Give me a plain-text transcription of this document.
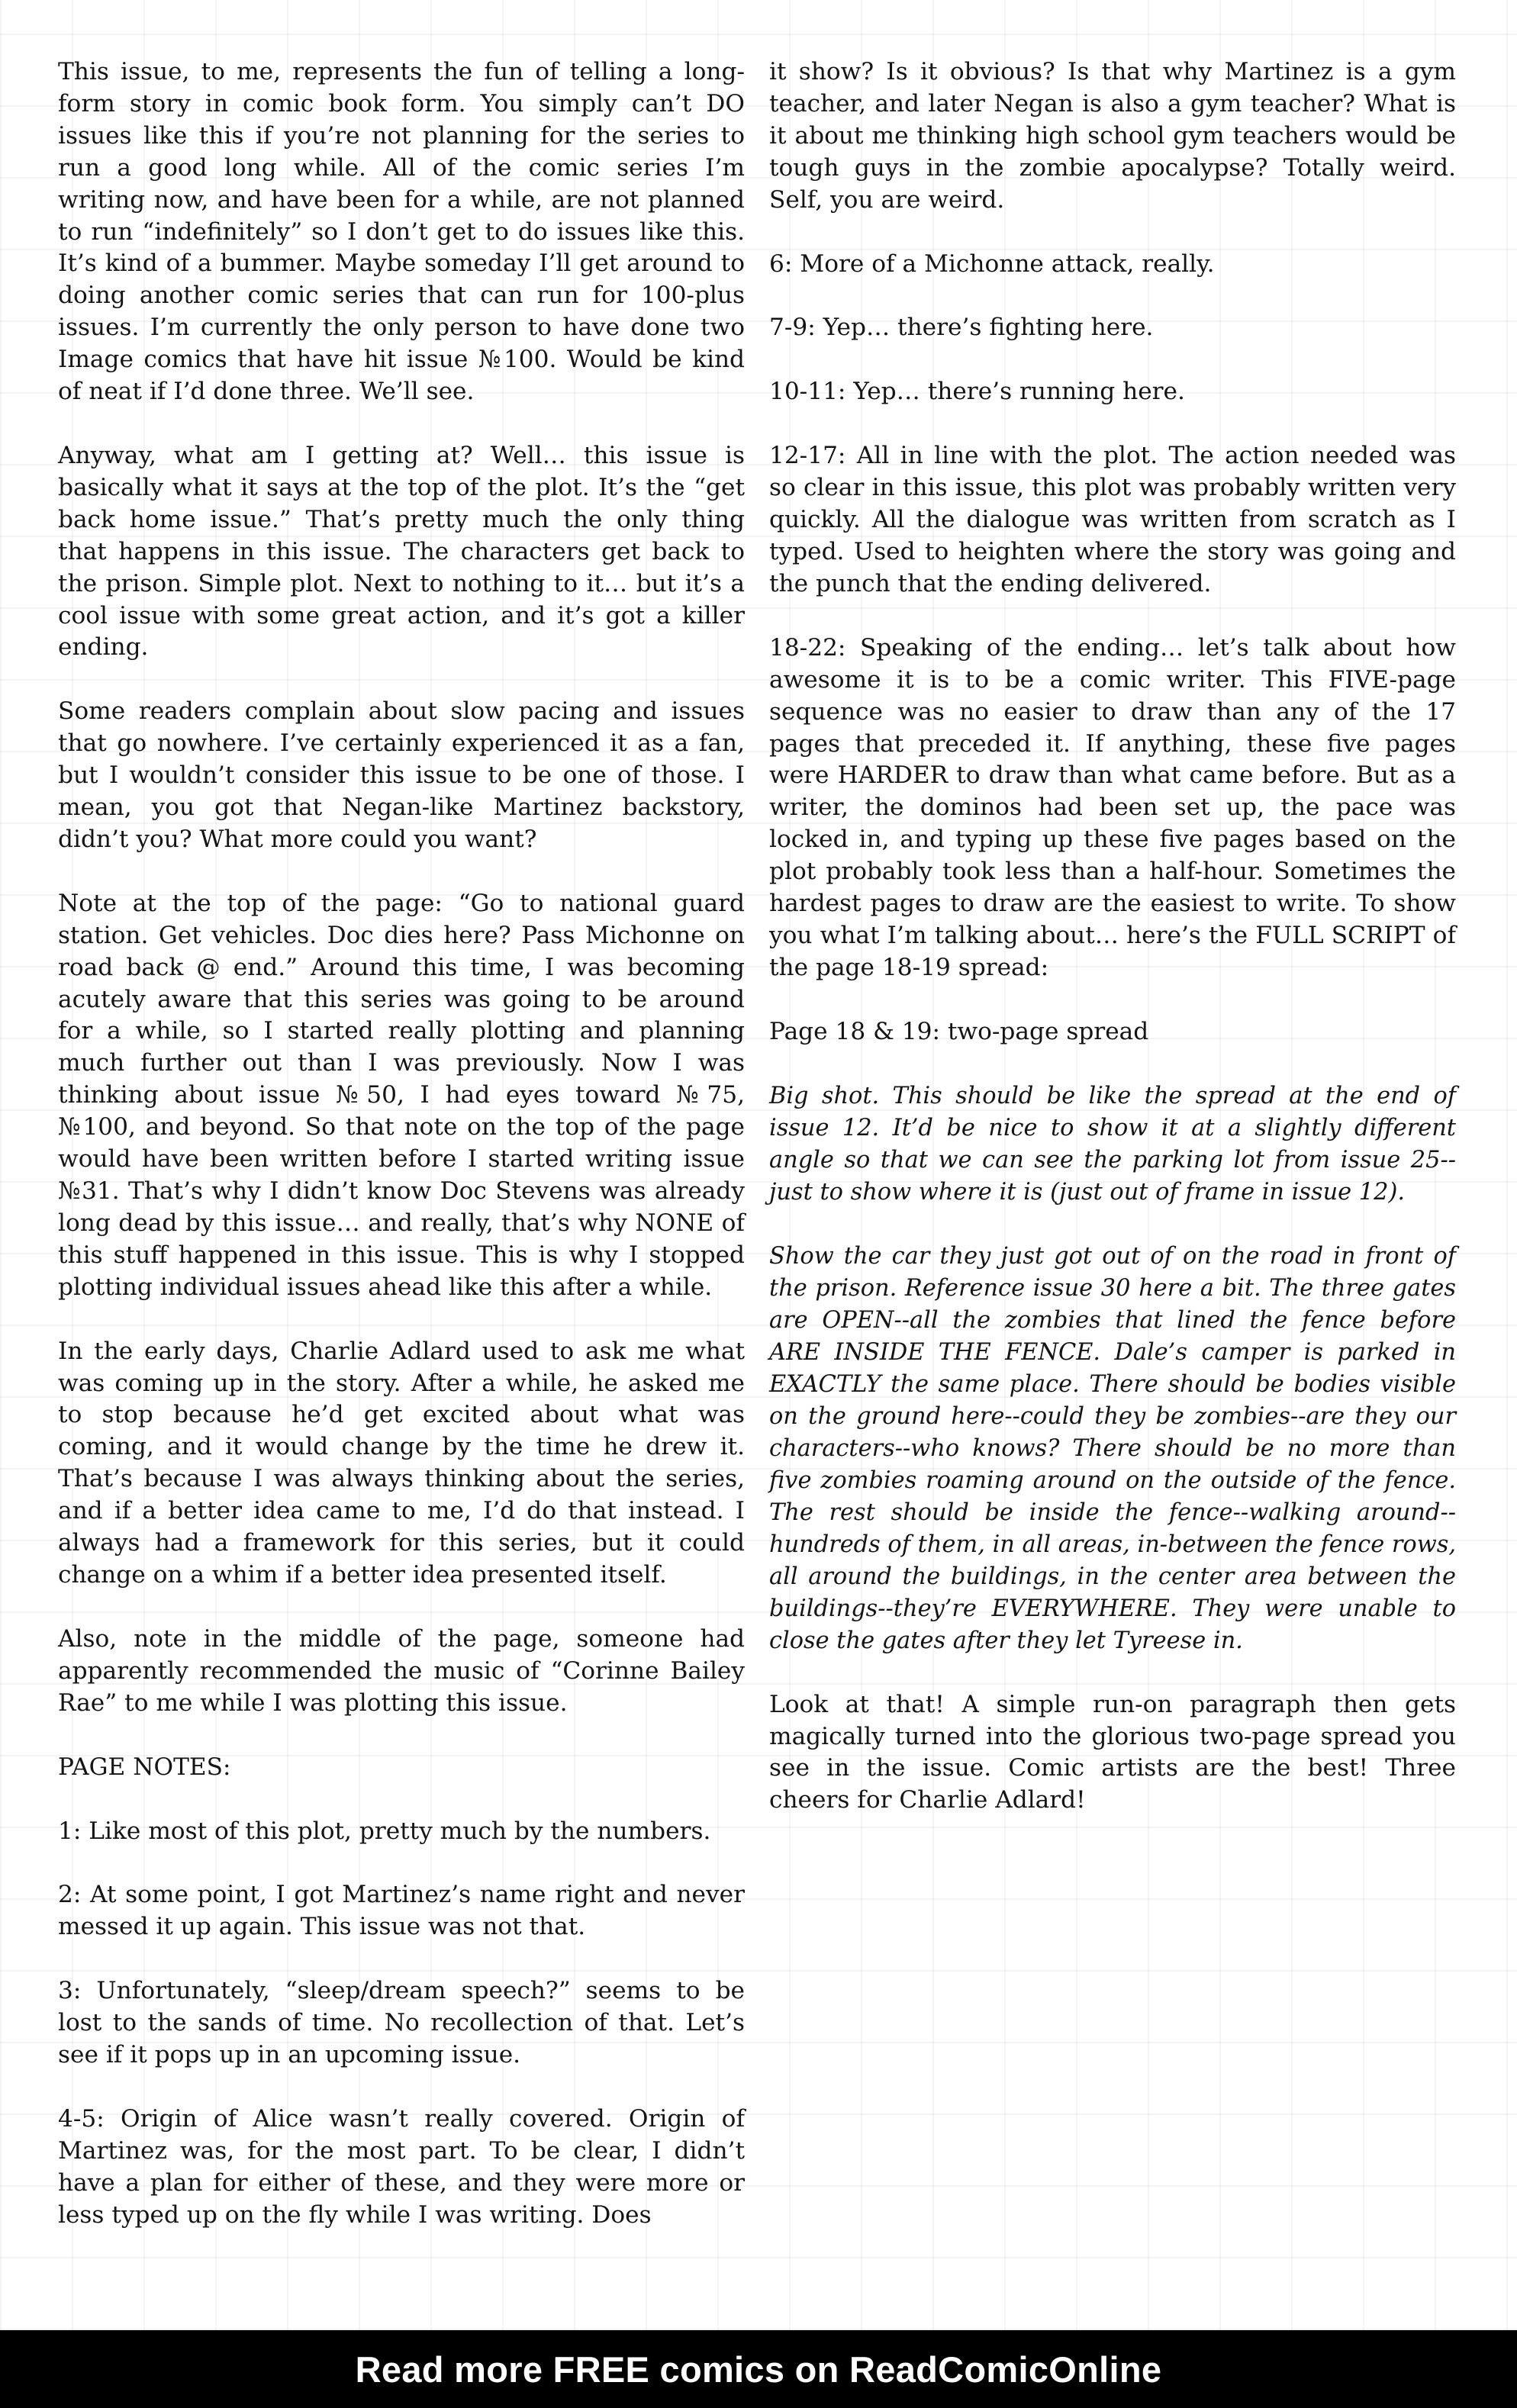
This issue, to me, represents the fun of telling a long-form story in comic book form. You simply can’t DO issues like this if you’re not planning for the series to run a good long while. All of the comic series I’m writing now, and have been for a while, are not planned to run “indefinitely” so I don’t get to do issues like this. It’s kind of a bummer. Maybe someday I’ll get around to doing another comic series that can run for 100-plus issues. I’m currently the only person to have done two Image comics that have hit issue №100. Would be kind of neat if I’d done three. We’ll see.

Anyway, what am I getting at? Well… this issue is basically what it says at the top of the plot. It’s the “get back home issue.” That’s pretty much the only thing that happens in this issue. The characters get back to the prison. Simple plot. Next to nothing to it… but it’s a cool issue with some great action, and it’s got a killer ending.

Some readers complain about slow pacing and issues that go nowhere. I’ve certainly experienced it as a fan, but I wouldn’t consider this issue to be one of those. I mean, you got that Negan-like Martinez backstory, didn’t you? What more could you want?

Note at the top of the page: “Go to national guard station. Get vehicles. Doc dies here? Pass Michonne on road back @ end.” Around this time, I was becoming acutely aware that this series was going to be around for a while, so I started really plotting and planning much further out than I was previously. Now I was thinking about issue №50, I had eyes toward №75, №100, and beyond. So that note on the top of the page would have been written before I started writing issue №31. That’s why I didn’t know Doc Stevens was already long dead by this issue… and really, that’s why NONE of this stuff happened in this issue. This is why I stopped plotting individual issues ahead like this after a while.

In the early days, Charlie Adlard used to ask me what was coming up in the story. After a while, he asked me to stop because he’d get excited about what was coming, and it would change by the time he drew it. That’s because I was always thinking about the series, and if a better idea came to me, I’d do that instead. I always had a framework for this series, but it could change on a whim if a better idea presented itself.

Also, note in the middle of the page, someone had apparently recommended the music of “Corinne Bailey Rae” to me while I was plotting this issue.

PAGE NOTES:

1: Like most of this plot, pretty much by the numbers.

2: At some point, I got Martinez’s name right and never messed it up again. This issue was not that.

3: Unfortunately, “sleep/dream speech?” seems to be lost to the sands of time. No recollection of that. Let’s see if it pops up in an upcoming issue.

4-5: Origin of Alice wasn’t really covered. Origin of Martinez was, for the most part. To be clear, I didn’t have a plan for either of these, and they were more or less typed up on the fly while I was writing. Does

it show? Is it obvious? Is that why Martinez is a gym teacher, and later Negan is also a gym teacher? What is it about me thinking high school gym teachers would be tough guys in the zombie apocalypse? Totally weird. Self, you are weird.

6: More of a Michonne attack, really.

7-9: Yep… there’s fighting here.

10-11: Yep… there’s running here.

12-17: All in line with the plot. The action needed was so clear in this issue, this plot was probably written very quickly. All the dialogue was written from scratch as I typed. Used to heighten where the story was going and the punch that the ending delivered.

18-22: Speaking of the ending… let’s talk about how awesome it is to be a comic writer. This FIVE-page sequence was no easier to draw than any of the 17 pages that preceded it. If anything, these five pages were HARDER to draw than what came before. But as a writer, the dominos had been set up, the pace was locked in, and typing up these five pages based on the plot probably took less than a half-hour. Sometimes the hardest pages to draw are the easiest to write. To show you what I’m talking about… here’s the FULL SCRIPT of the page 18-19 spread:

Page 18 & 19: two-page spread

Big shot. This should be like the spread at the end of issue 12. It’d be nice to show it at a slightly different angle so that we can see the parking lot from issue 25--just to show where it is (just out of frame in issue 12).

Show the car they just got out of on the road in front of the prison. Reference issue 30 here a bit. The three gates are OPEN--all the zombies that lined the fence before ARE INSIDE THE FENCE. Dale’s camper is parked in EXACTLY the same place. There should be bodies visible on the ground here--could they be zombies--are they our characters--who knows? There should be no more than five zombies roaming around on the outside of the fence. The rest should be inside the fence--walking around--hundreds of them, in all areas, in-between the fence rows, all around the buildings, in the center area between the buildings--they’re EVERYWHERE. They were unable to close the gates after they let Tyreese in.

Look at that! A simple run-on paragraph then gets magically turned into the glorious two-page spread you see in the issue. Comic artists are the best! Three cheers for Charlie Adlard!

Read more FREE comics on ReadComicOnline
